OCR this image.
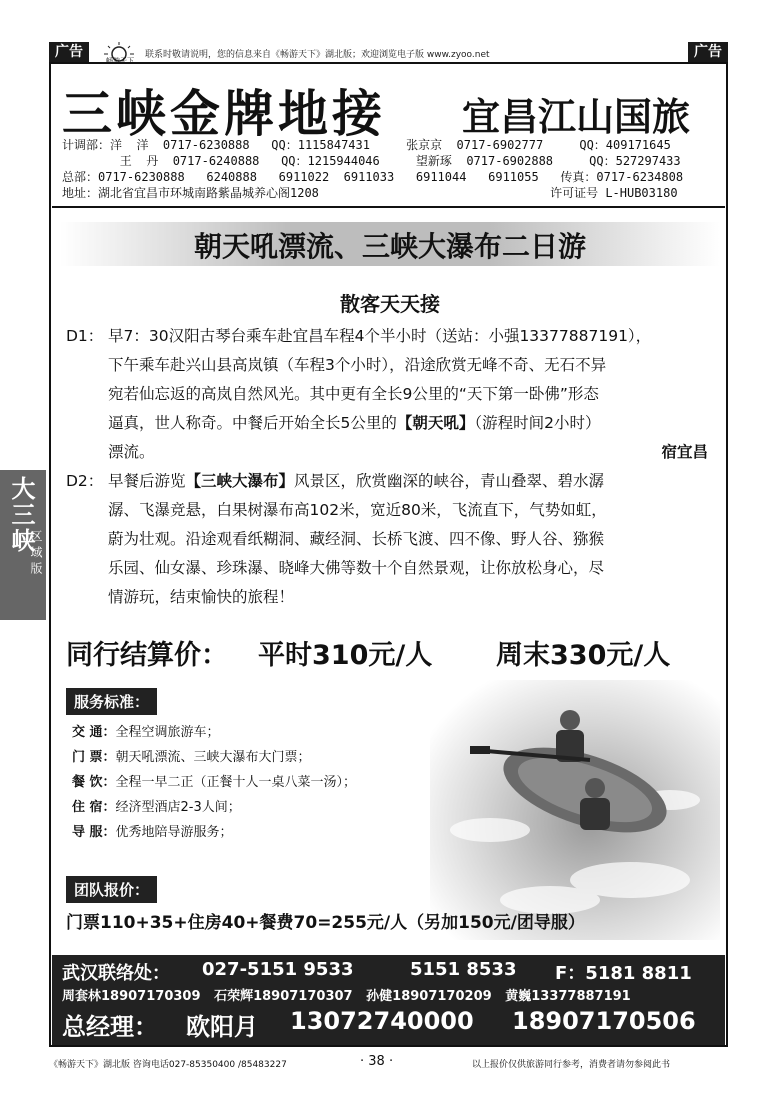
广告
畅游天下
联系时敬请说明，您的信息来自《畅游天下》湖北版；欢迎浏览电子版 www.zyoo.net	广告
三峡金牌地接 宜昌江山国旅
计调部：洋  洋  0717-6230888   QQ：1115847431     张京京  0717-6902777     QQ：409171645
王  丹  0717-6240888   QQ：1215944046     望新琢  0717-6902888     QQ：527297433
总部：0717-6230888   6240888   6911022  6911033   6911044   6911055   传真：0717-6234808
地址：湖北省宜昌市环城南路紫晶城养心阁1208                                许可证号 L-HUB03180
朝天吼漂流、三峡大瀑布二日游
散客天天接
D1： 早7：30汉阳古琴台乘车赴宜昌车程4个半小时（送站：小强13377887191），
下午乘车赴兴山县高岚镇（车程3个小时），沿途欣赏无峰不奇、无石不异
宛若仙忘返的高岚自然风光。其中更有全长9公里的“天下第一卧佛”形态
逼真，世人称奇。中餐后开始全长5公里的【朝天吼】（游程时间2小时）
漂流。	宿宜昌
D2： 早餐后游览【三峡大瀑布】风景区，欣赏幽深的峡谷，青山叠翠、碧水潺
潺、飞瀑竞悬，白果树瀑布高102米，宽近80米，飞流直下，气势如虹，
蔚为壮观。沿途观看纸糊洞、藏经洞、长桥飞渡、四不像、野人谷、猕猴
乐园、仙女瀑、珍珠瀑、晓峰大佛等数十个自然景观，让你放松身心，尽
情游玩，结束愉快的旅程！
大三峡
区域版
同行结算价： 平时310元/人 周末330元/人
服务标准：
交 通：全程空调旅游车；
门 票：朝天吼漂流、三峡大瀑布大门票；
餐 饮：全程一早二正（正餐十人一桌八菜一汤）；
住 宿：经济型酒店2-3人间；
导 服：优秀地陪导游服务；
团队报价：
门票110+35+住房40+餐费70=255元/人（另加150元/团导服）
武汉联络处： 027-5151 9533	5151 8533 F：5181 8811
周套林18907170309   石荣辉18907170307   孙健18907170209   黄巍13377887191
总经理： 欧阳月 13072740000 18907170506
《畅游天下》湖北版 咨询电话027-85350400 /85483227	· 38 ·	以上报价仅供旅游同行参考，消费者请勿参阅此书
